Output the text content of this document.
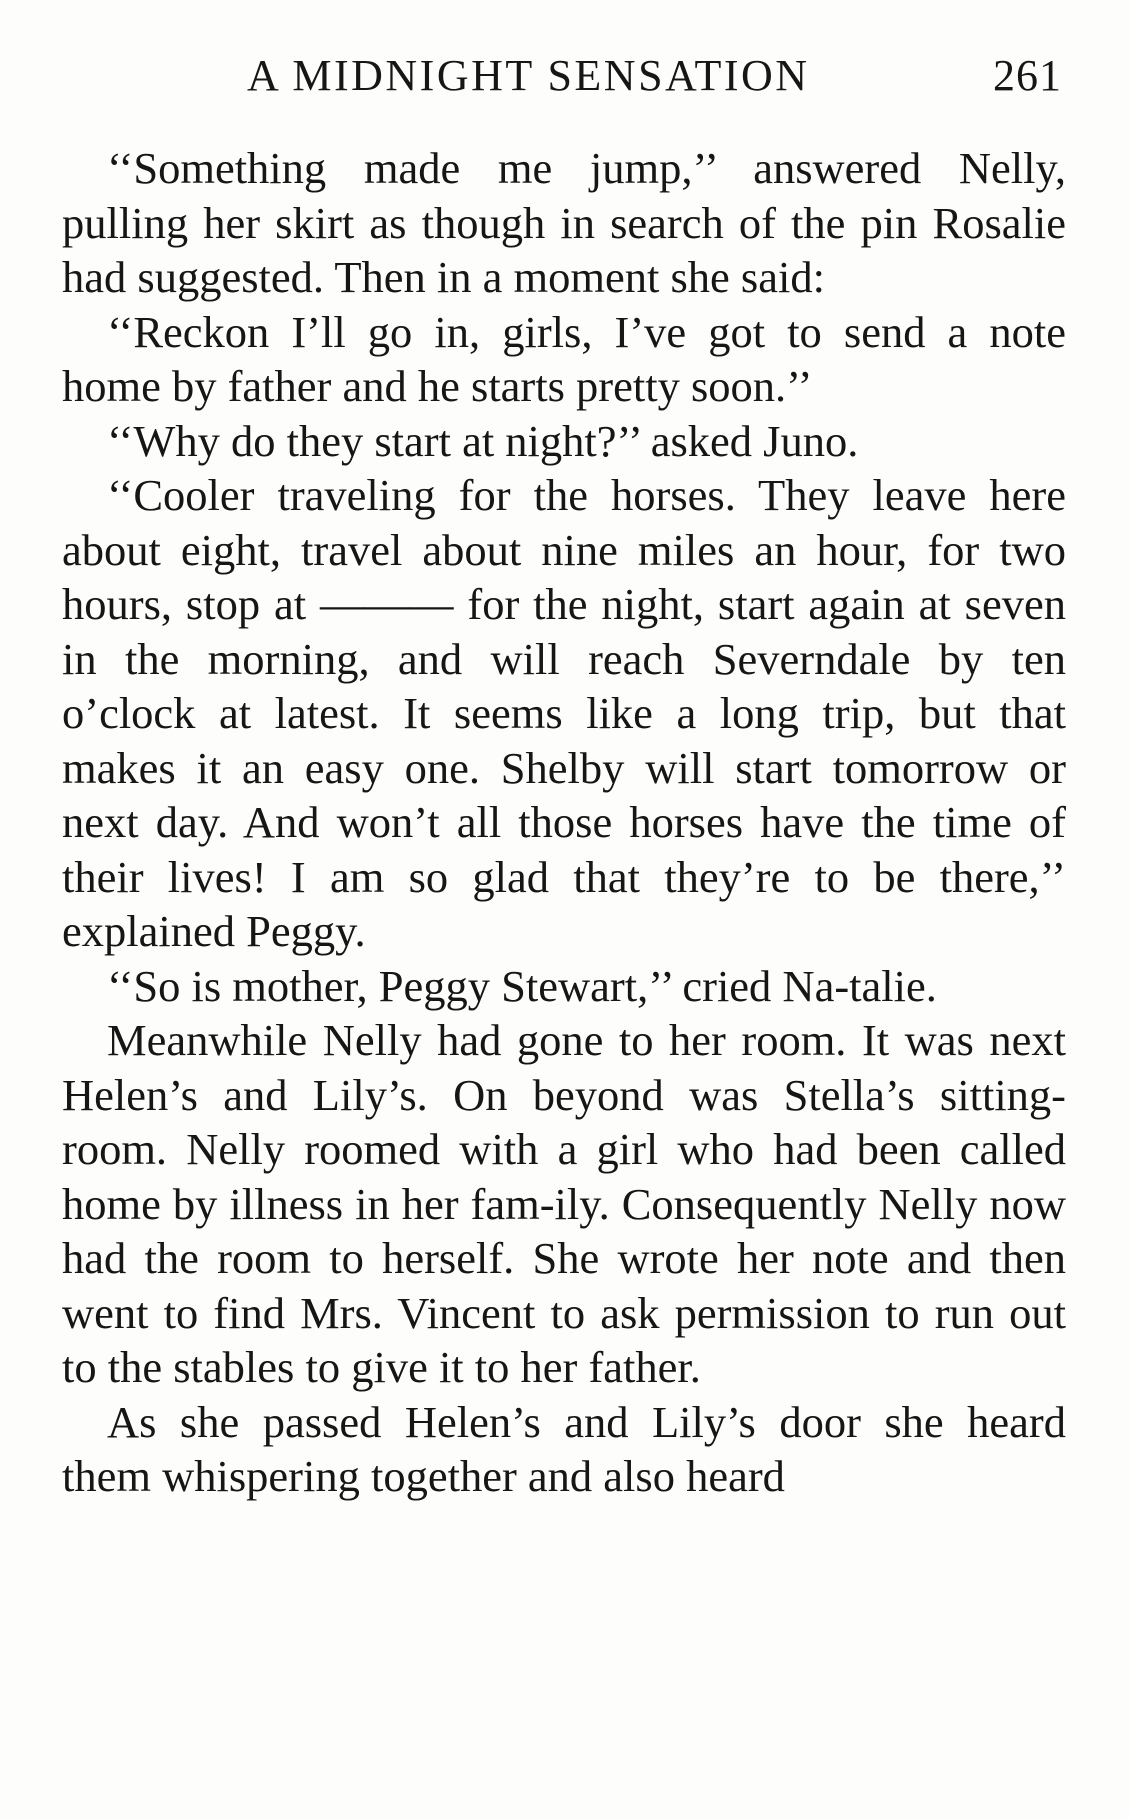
A MIDNIGHT SENSATION	261

‘‘Something made me jump,’’ answered Nelly, pulling her skirt as though in search of the pin Rosalie had suggested. Then in a moment she said:

‘‘Reckon I’ll go in, girls, I’ve got to send a note home by father and he starts pretty soon.’’

‘‘Why do they start at night?’’ asked Juno.

‘‘Cooler traveling for the horses. They leave here about eight, travel about nine miles an hour, for two hours, stop at ——— for the night, start again at seven in the morning, and will reach Severndale by ten o’clock at latest. It seems like a long trip, but that makes it an easy one. Shelby will start tomorrow or next day. And won’t all those horses have the time of their lives! I am so glad that they’re to be there,’’ explained Peggy.

‘‘So is mother, Peggy Stewart,’’ cried Na-talie.

Meanwhile Nelly had gone to her room. It was next Helen’s and Lily’s. On beyond was Stella’s sitting-room. Nelly roomed with a girl who had been called home by illness in her fam-ily. Consequently Nelly now had the room to herself. She wrote her note and then went to find Mrs. Vincent to ask permission to run out to the stables to give it to her father.

As she passed Helen’s and Lily’s door she heard them whispering together and also heard
